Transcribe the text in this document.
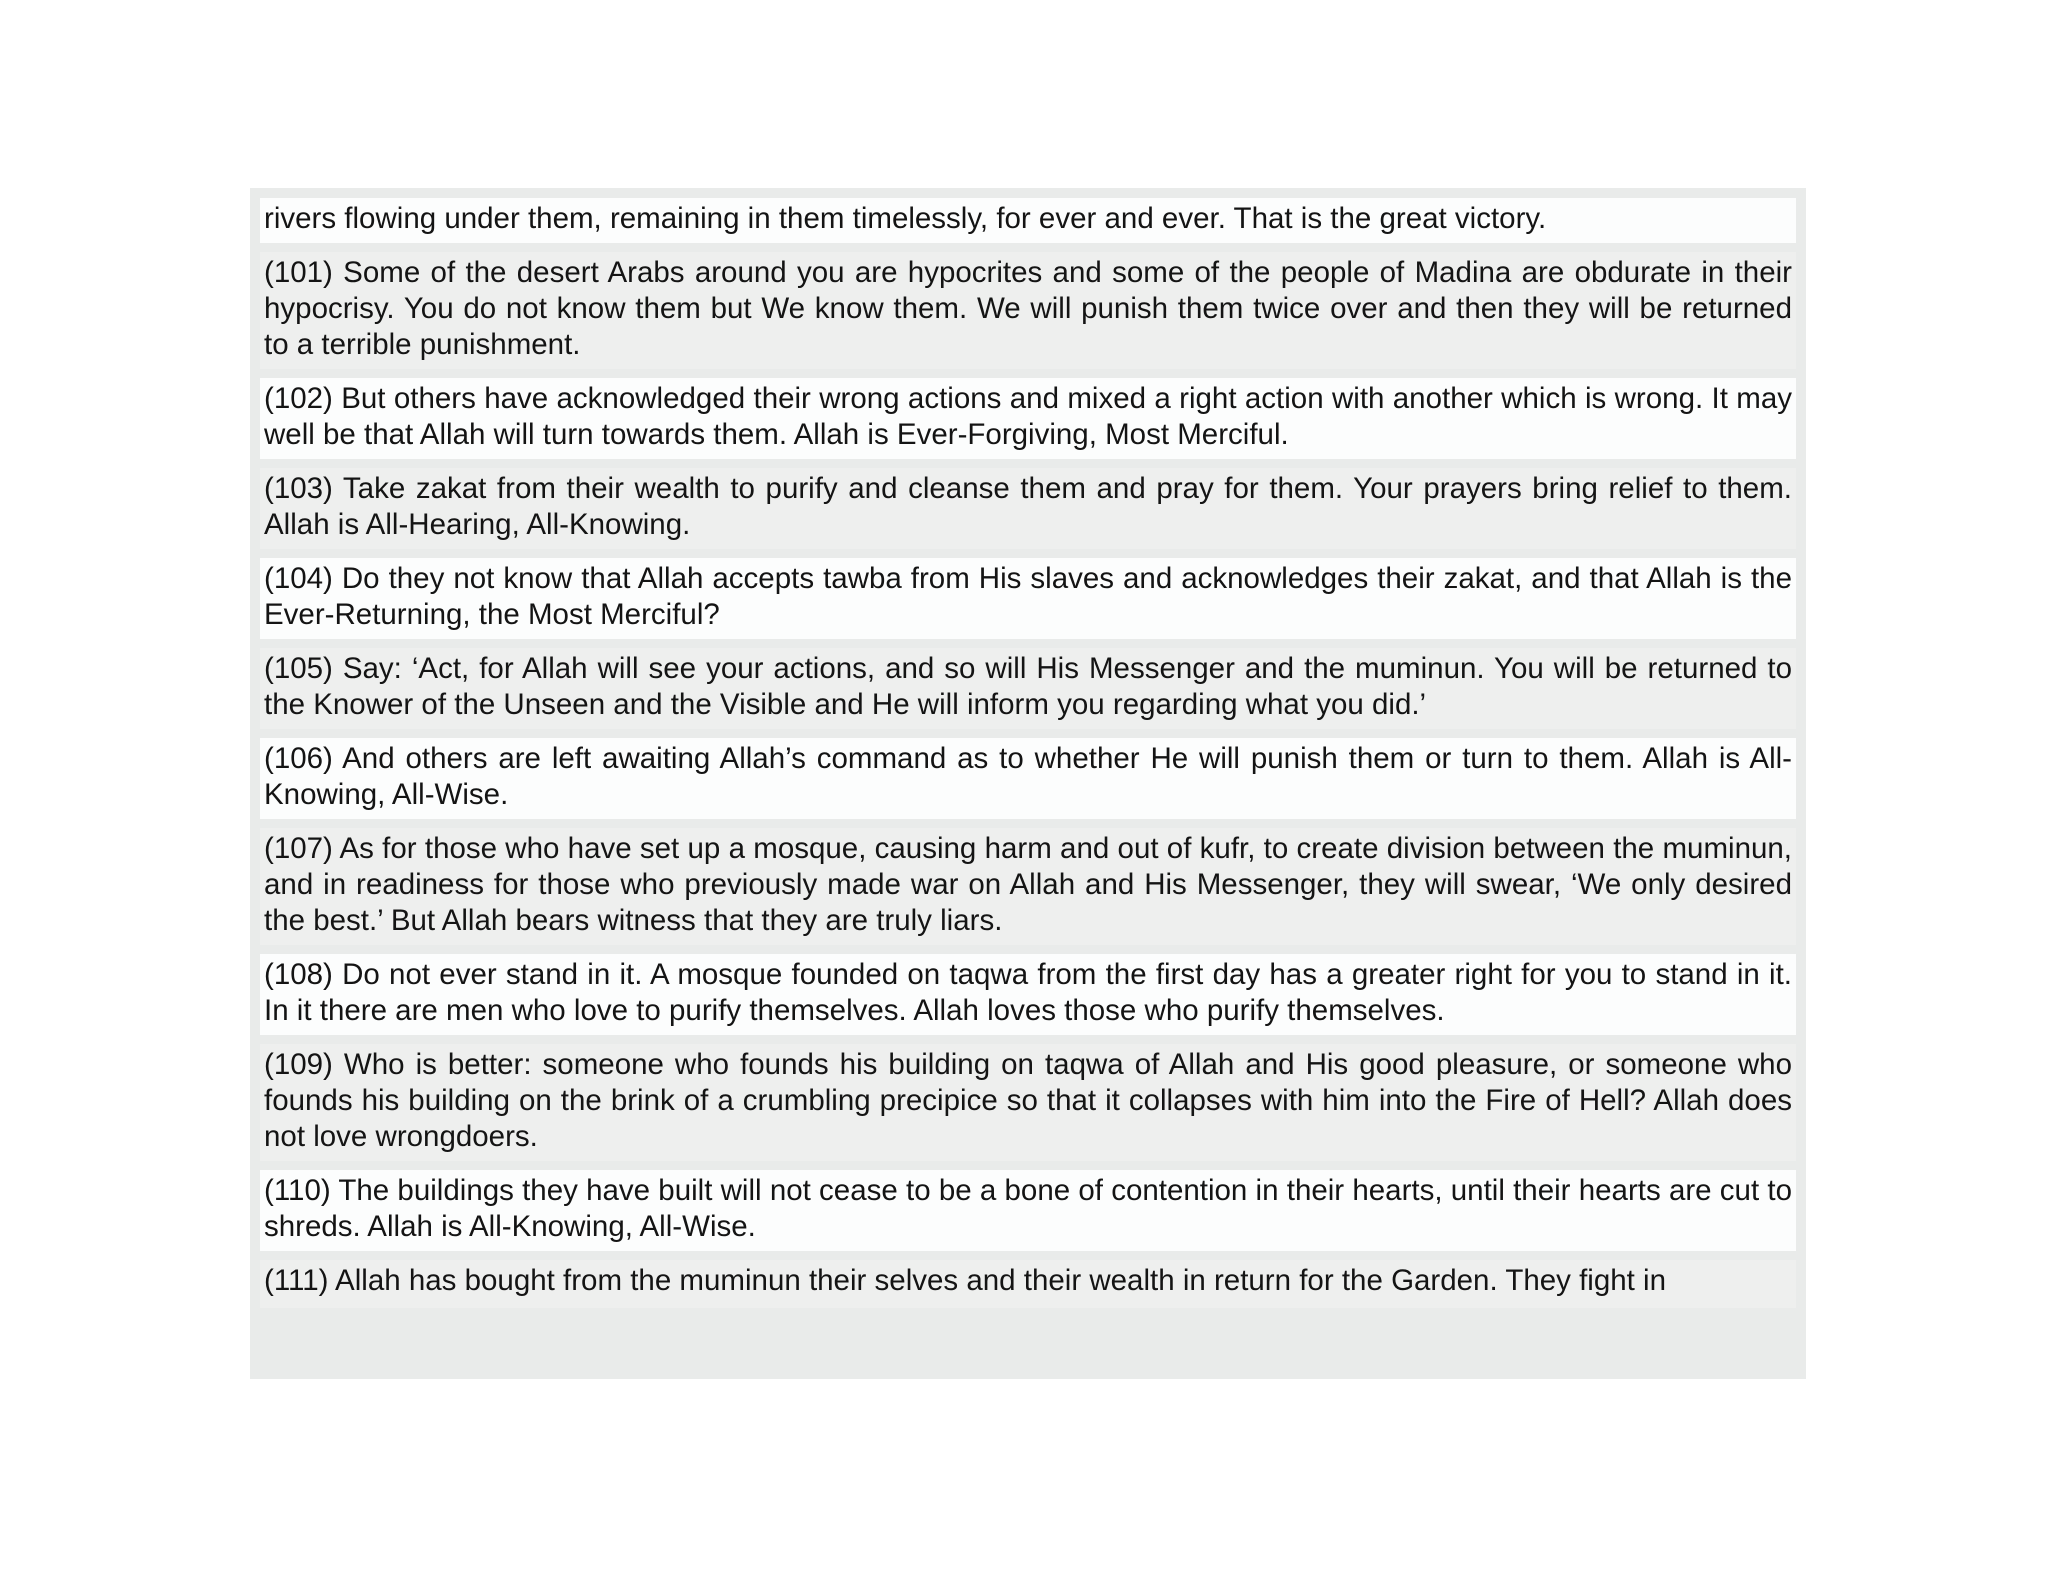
rivers flowing under them, remaining in them timelessly, for ever and ever. That is the great victory.
(101) Some of the desert Arabs around you are hypocrites and some of the people of Madina are obdurate in their hypocrisy. You do not know them but We know them. We will punish them twice over and then they will be returned to a terrible punishment.
(102) But others have acknowledged their wrong actions and mixed a right action with another which is wrong. It may well be that Allah will turn towards them. Allah is Ever-Forgiving, Most Merciful.
(103) Take zakat from their wealth to purify and cleanse them and pray for them. Your prayers bring relief to them. Allah is All-Hearing, All-Knowing.
(104) Do they not know that Allah accepts tawba from His slaves and acknowledges their zakat, and that Allah is the Ever-Returning, the Most Merciful?
(105) Say: ‘Act, for Allah will see your actions, and so will His Messenger and the muminun. You will be returned to the Knower of the Unseen and the Visible and He will inform you regarding what you did.’
(106) And others are left awaiting Allah’s command as to whether He will punish them or turn to them. Allah is All-Knowing, All-Wise.
(107) As for those who have set up a mosque, causing harm and out of kufr, to create division between the muminun, and in readiness for those who previously made war on Allah and His Messenger, they will swear, ‘We only desired the best.’ But Allah bears witness that they are truly liars.
(108) Do not ever stand in it. A mosque founded on taqwa from the first day has a greater right for you to stand in it. In it there are men who love to purify themselves. Allah loves those who purify themselves.
(109) Who is better: someone who founds his building on taqwa of Allah and His good pleasure, or someone who founds his building on the brink of a crumbling precipice so that it collapses with him into the Fire of Hell? Allah does not love wrongdoers.
(110) The buildings they have built will not cease to be a bone of contention in their hearts, until their hearts are cut to shreds. Allah is All-Knowing, All-Wise.
(111) Allah has bought from the muminun their selves and their wealth in return for the Garden. They fight in
